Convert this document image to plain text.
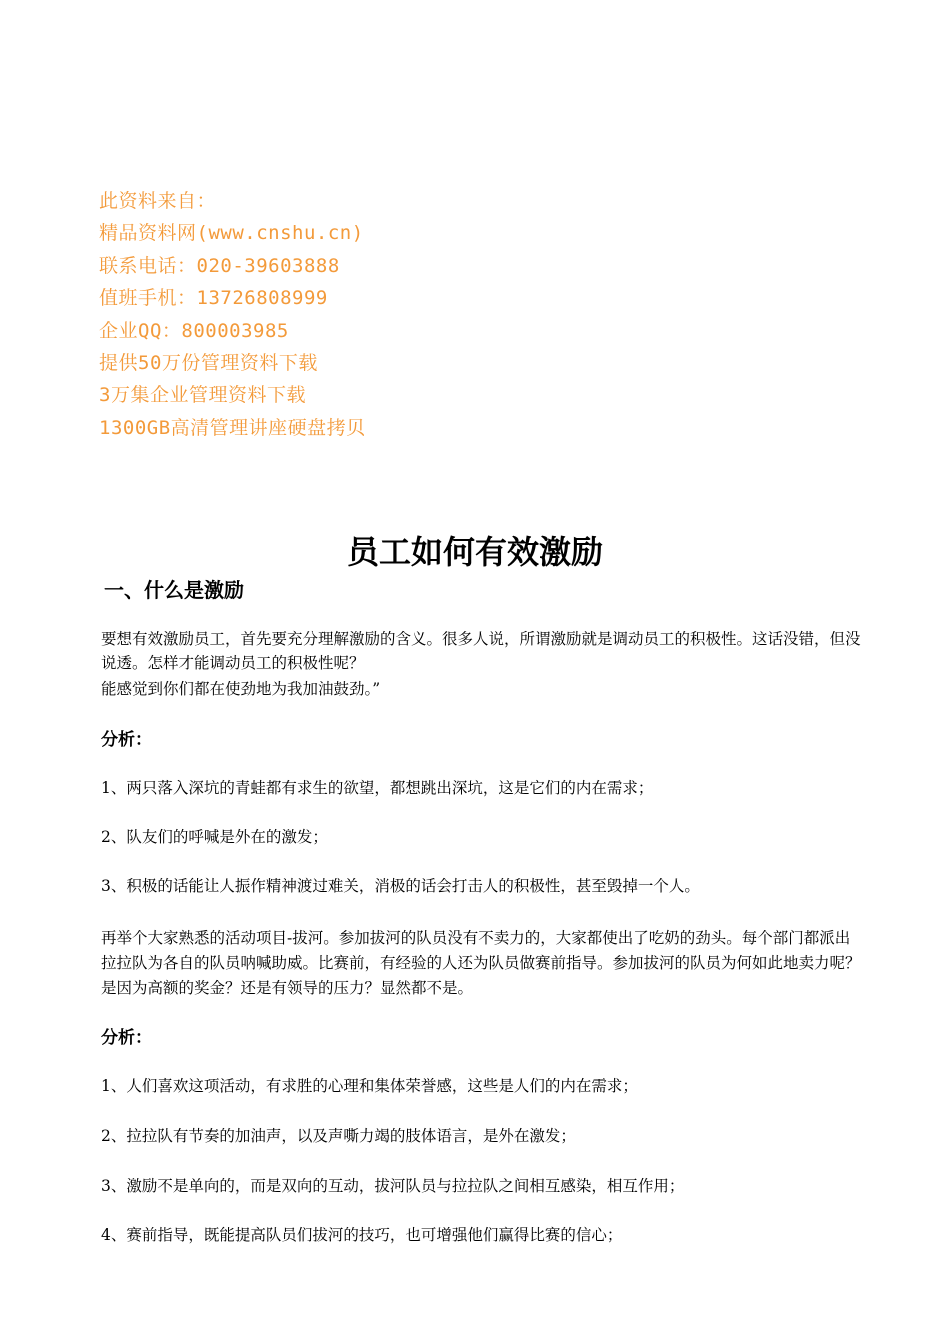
此资料来自：
精品资料网(www.cnshu.cn)
联系电话：020-39603888
值班手机：13726808999
企业QQ：800003985
提供50万份管理资料下载
3万集企业管理资料下载
1300GB高清管理讲座硬盘拷贝
员工如何有效激励
一、什么是激励

要想有效激励员工，首先要充分理解激励的含义。很多人说，所谓激励就是调动员工的积极性。这话没错，但没说透。怎样才能调动员工的积极性呢？

能感觉到你们都在使劲地为我加油鼓劲。”

分析：

1、两只落入深坑的青蛙都有求生的欲望，都想跳出深坑，这是它们的内在需求；

2、队友们的呼喊是外在的激发；

3、积极的话能让人振作精神渡过难关，消极的话会打击人的积极性，甚至毁掉一个人。

再举个大家熟悉的活动项目-拔河。参加拔河的队员没有不卖力的，大家都使出了吃奶的劲头。每个部门都派出拉拉队为各自的队员呐喊助威。比赛前，有经验的人还为队员做赛前指导。参加拔河的队员为何如此地卖力呢？是因为高额的奖金？还是有领导的压力？显然都不是。

分析：

1、人们喜欢这项活动，有求胜的心理和集体荣誉感，这些是人们的内在需求；

2、拉拉队有节奏的加油声，以及声嘶力竭的肢体语言，是外在激发；

3、激励不是单向的，而是双向的互动，拔河队员与拉拉队之间相互感染，相互作用；

4、赛前指导，既能提高队员们拔河的技巧，也可增强他们赢得比赛的信心；
